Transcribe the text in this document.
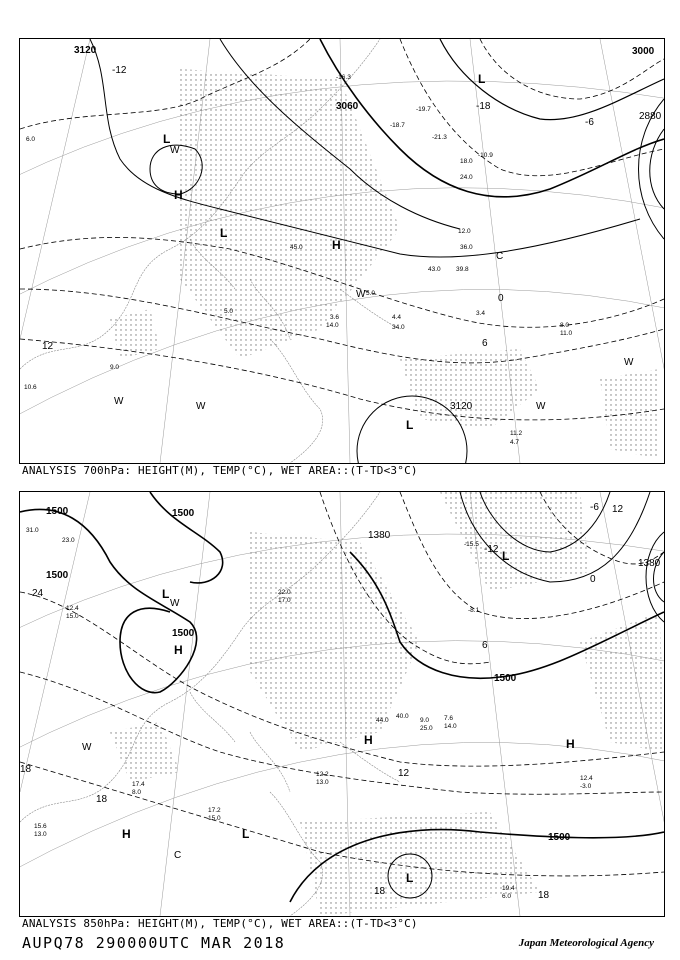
3120
3060
3000
2880
3120
-18
-12
-6
0
6
12
L
L
H
H
L
L
W
W
W	W	W
C
W
10.6
9.0
-16.3
-21.3
-18.7
-19.7
-10.9
5.0
43.0
4.4
34.0
3.4
11.0
8.0
11.2
4.7
6.0
18.0
24.0
36.0
12.0
39.8
14.0
5.0
3.6
45.0
ANALYSIS 700hPa: HEIGHT(M), TEMP(°C), WET AREA::(T-TD<3°C)
1500	1500
1500
1500
1380
1380
1500
1500
24
18
12
6
0
-6
-12
12
18
18	18
L
H
L
H	H
L
H
L
W
C
W
31.0
23.0
12.4
15.0
22.0
17.0
44.0
40.0
9.0
25.0
7.6
14.0
12.2
13.0
17.2
15.0
19.4
6.0
17.4
8.0
15.6
13.0
-8.1
-15.5
12.4
-3.0
ANALYSIS 850hPa: HEIGHT(M), TEMP(°C), WET AREA::(T-TD<3°C)
AUPQ78 290000UTC MAR 2018	Japan Meteorological Agency
